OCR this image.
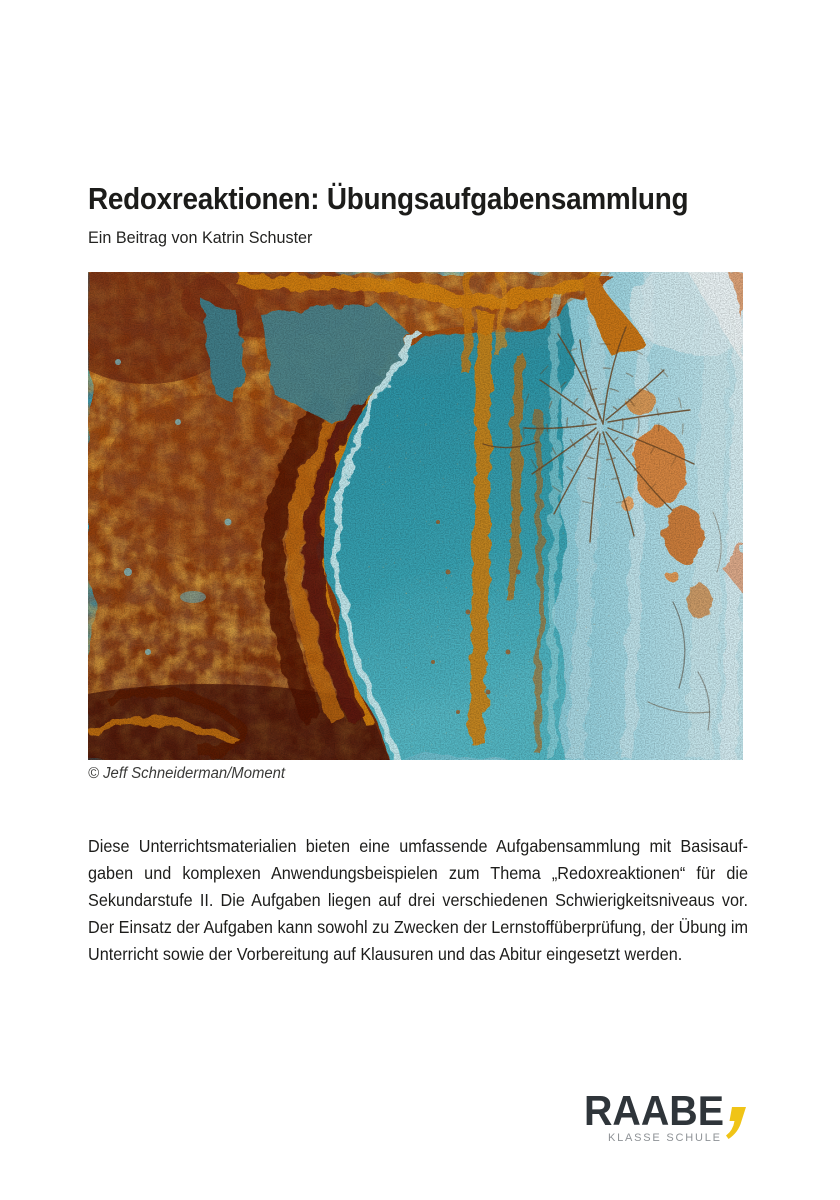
Redoxreaktionen: Übungsaufgabensammlung
Ein Beitrag von Katrin Schuster
© Jeff Schneiderman/Moment

Diese Unterrichtsmaterialien bieten eine umfassende Aufgabensammlung mit Basisaufgaben und komplexen Anwendungsbeispielen zum Thema „Redoxreaktionen“ für die Sekundarstufe II. Die Aufgaben liegen auf drei verschiedenen Schwierigkeitsniveaus vor. Der Einsatz der Aufgaben kann sowohl zu Zwecken der Lernstoffüberprüfung, der Übung im Unterricht sowie der Vorbereitung auf Klausuren und das Abitur eingesetzt werden.

RAABE
KLASSE SCHULE
